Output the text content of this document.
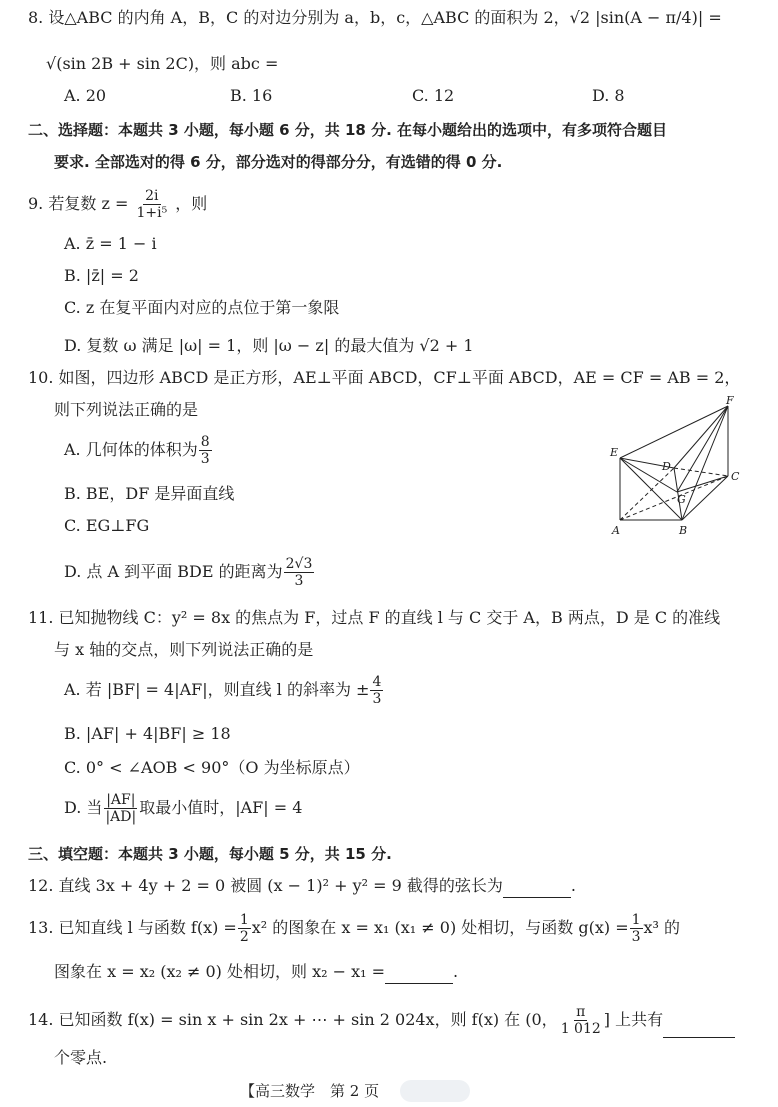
8. 设△ABC 的内角 A，B，C 的对边分别为 a，b，c，△ABC 的面积为 2，√2 |sin(A − π/4)| =
√(sin 2B + sin 2C)，则 abc =
A. 20	B. 16	C. 12	D. 8
二、选择题：本题共 3 小题，每小题 6 分，共 18 分. 在每小题给出的选项中，有多项符合题目
要求. 全部选对的得 6 分，部分选对的得部分分，有选错的得 0 分.
9. 若复数 $z = \frac{2i}{\text{1+i⁵}}$ ，则
A. z̄ = 1 − i
B. |z̄| = 2
C. z 在复平面内对应的点位于第一象限
D. 复数 ω 满足 |ω| = 1，则 |ω − z| 的最大值为 √2 + 1
10. 如图，四边形 ABCD 是正方形，AE⊥平面 ABCD，CF⊥平面 ABCD，AE = CF = AB = 2，
则下列说法正确的是
A. 几何体的体积为 $\frac{8}{3}$
B. BE，DF 是异面直线
C. EG⊥FG
D. 点 A 到平面 BDE 的距离为 $\frac{2√3}{3}$
E
F
D
C
G
A	B
11. 已知抛物线 C：y² = 8x 的焦点为 F，过点 F 的直线 l 与 C 交于 A，B 两点，D 是 C 的准线
与 x 轴的交点，则下列说法正确的是
A. 若 |BF| = 4|AF|，则直线 l 的斜率为 ± $\frac{4}{3}$
B. |AF| + 4|BF| ≥ 18
C. 0° < ∠AOB < 90°（O 为坐标原点）
D. 当 $\frac{|AF|}{|AD|}$ 取最小值时，|AF| = 4
三、填空题：本题共 3 小题，每小题 5 分，共 15 分.
12. 直线 3x + 4y + 2 = 0 被圆 (x − 1)² + y² = 9 截得的弦长为	.
13. 已知直线 l 与函数 $f(x) = \frac{1}{2} x^2$ 的图象在 x = x₁ (x₁ ≠ 0) 处相切，与函数 $g(x) = \frac{1}{3} x^3$ 的
图象在 x = x₂ (x₂ ≠ 0) 处相切，则 x₂ − x₁ =	.
14. 已知函数 f(x) = sin x + sin 2x + ⋯ + sin 2 024x，则 f(x) 在 (0， $\frac{\pi}{1 012}$ ] 上共有
个零点.
【高三数学　第 2 页
